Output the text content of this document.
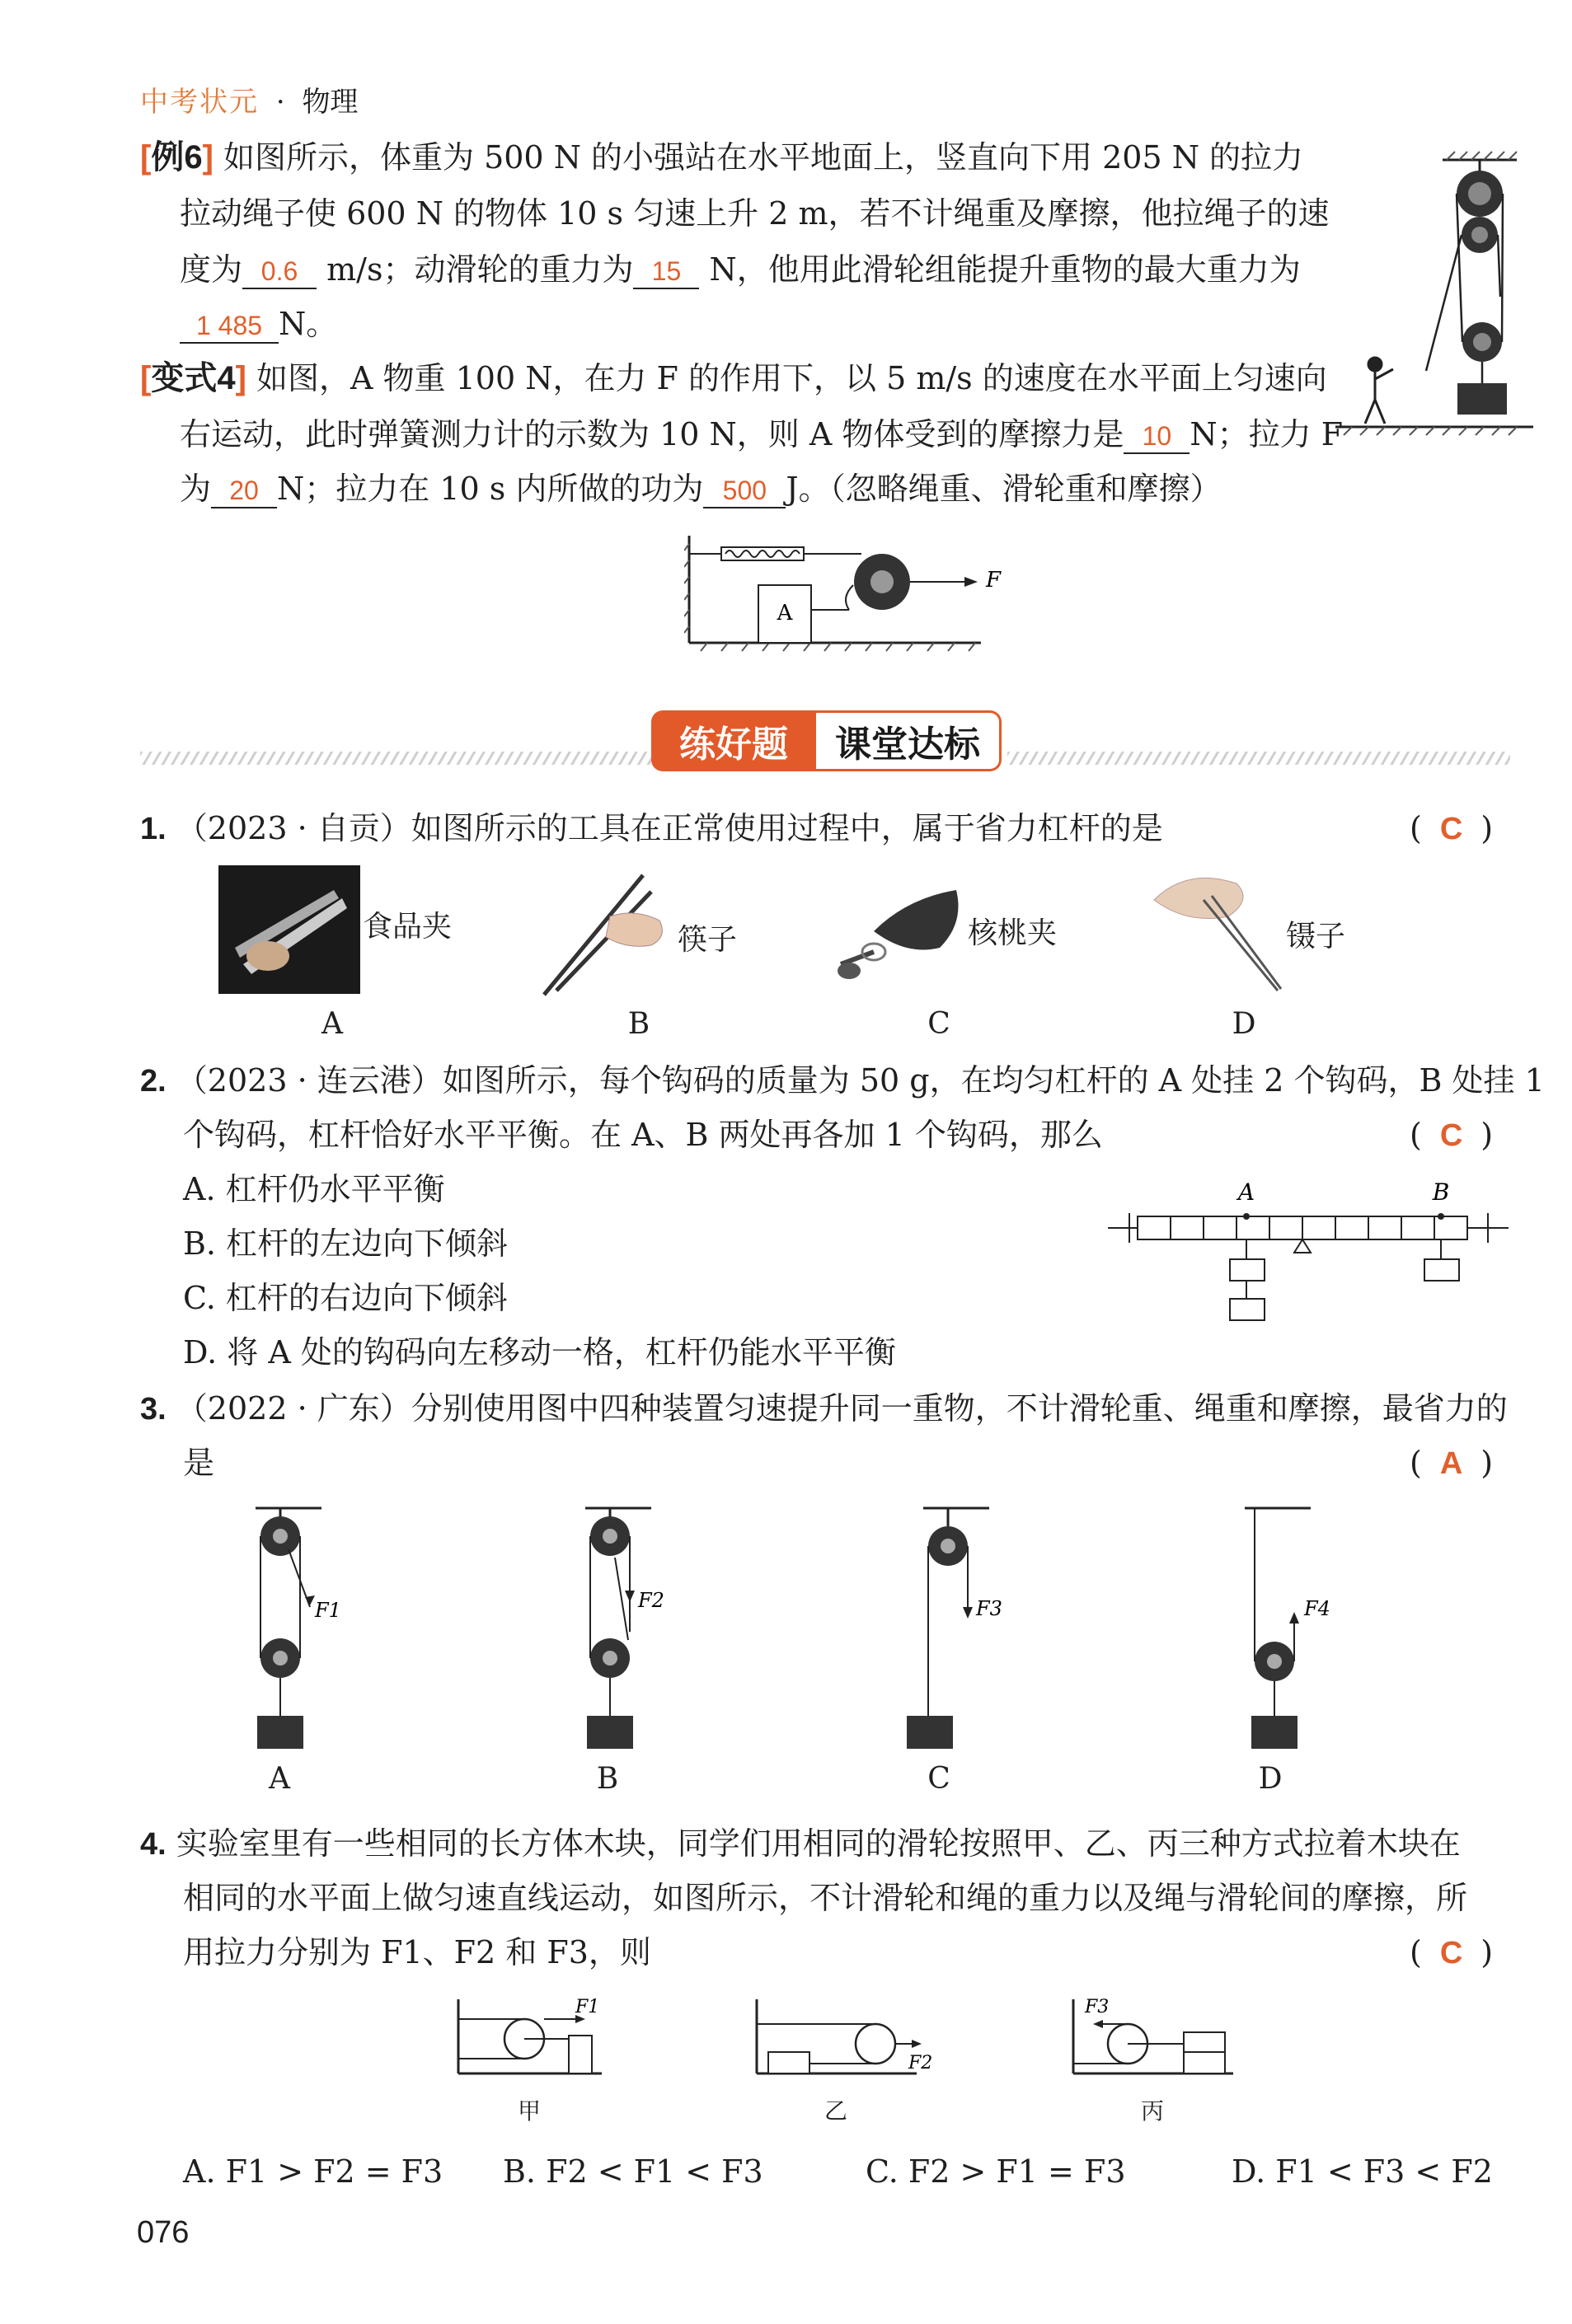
中考状元 · 物理
[例6] 如图所示，体重为 500 N 的小强站在水平地面上，竖直向下用 205 N 的拉力
拉动绳子使 600 N 的物体 10 s 匀速上升 2 m，若不计绳重及摩擦，他拉绳子的速
度为 0.6 m/s；动滑轮的重力为 15 N，他用此滑轮组能提升重物的最大重力为
1 485 N。
[变式4] 如图，A 物重 100 N，在力 F 的作用下，以 5 m/s 的速度在水平面上匀速向
右运动，此时弹簧测力计的示数为 10 N，则 A 物体受到的摩擦力是 10 N；拉力 F
为 20 N；拉力在 10 s 内所做的功为 500 J。（忽略绳重、滑轮重和摩擦）
A
F
练好题	课堂达标
1. （2023 · 自贡）如图所示的工具在正常使用过程中，属于省力杠杆的是	( C )
食品夹
A
筷子
B
核桃夹
C
镊子
D
2. （2023 · 连云港）如图所示，每个钩码的质量为 50 g，在均匀杠杆的 A 处挂 2 个钩码，B 处挂 1
个钩码，杠杆恰好水平平衡。在 A、B 两处再各加 1 个钩码，那么	( C )
A. 杠杆仍水平平衡
B. 杠杆的左边向下倾斜
C. 杠杆的右边向下倾斜
D. 将 A 处的钩码向左移动一格，杠杆仍能水平平衡
A	B
3. （2022 · 广东）分别使用图中四种装置匀速提升同一重物，不计滑轮重、绳重和摩擦，最省力的
是	( A )
F1
A
F2
B
F3
C
F4
D
4. 实验室里有一些相同的长方体木块，同学们用相同的滑轮按照甲、乙、丙三种方式拉着木块在
相同的水平面上做匀速直线运动，如图所示，不计滑轮和绳的重力以及绳与滑轮间的摩擦，所
用拉力分别为 F1、F2 和 F3，则	( C )
F1
甲
F2
乙
F3
丙
A. F1 > F2 = F3 B. F2 < F1 < F3	C. F2 > F1 = F3	D. F1 < F3 < F2
076
